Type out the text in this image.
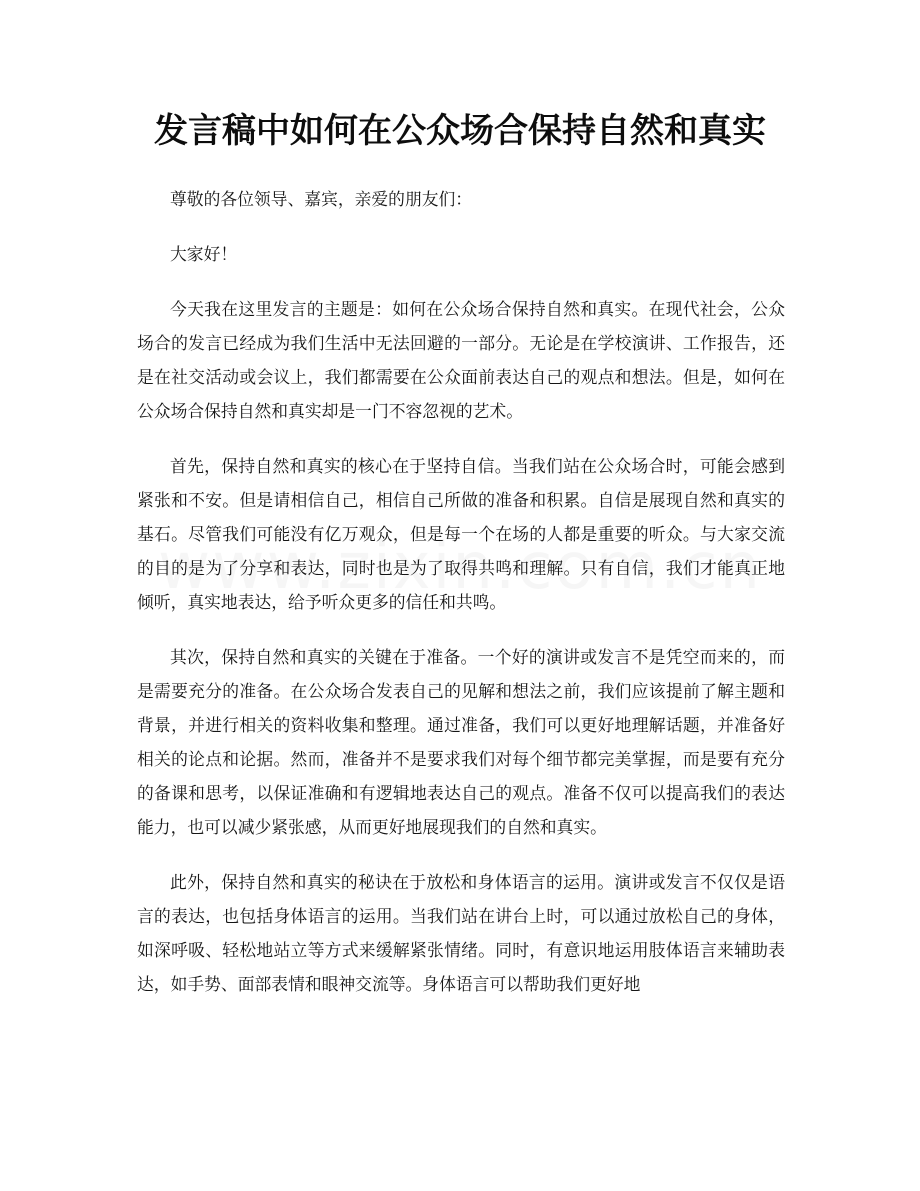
发言稿中如何在公众场合保持自然和真实

尊敬的各位领导、嘉宾，亲爱的朋友们：

大家好！

今天我在这里发言的主题是：如何在公众场合保持自然和真实。在现代社会，公众场合的发言已经成为我们生活中无法回避的一部分。无论是在学校演讲、工作报告，还是在社交活动或会议上，我们都需要在公众面前表达自己的观点和想法。但是，如何在公众场合保持自然和真实却是一门不容忽视的艺术。

首先，保持自然和真实的核心在于坚持自信。当我们站在公众场合时，可能会感到紧张和不安。但是请相信自己，相信自己所做的准备和积累。自信是展现自然和真实的基石。尽管我们可能没有亿万观众，但是每一个在场的人都是重要的听众。与大家交流的目的是为了分享和表达，同时也是为了取得共鸣和理解。只有自信，我们才能真正地倾听，真实地表达，给予听众更多的信任和共鸣。

其次，保持自然和真实的关键在于准备。一个好的演讲或发言不是凭空而来的，而是需要充分的准备。在公众场合发表自己的见解和想法之前，我们应该提前了解主题和背景，并进行相关的资料收集和整理。通过准备，我们可以更好地理解话题，并准备好相关的论点和论据。然而，准备并不是要求我们对每个细节都完美掌握，而是要有充分的备课和思考，以保证准确和有逻辑地表达自己的观点。准备不仅可以提高我们的表达能力，也可以减少紧张感，从而更好地展现我们的自然和真实。

此外，保持自然和真实的秘诀在于放松和身体语言的运用。演讲或发言不仅仅是语言的表达，也包括身体语言的运用。当我们站在讲台上时，可以通过放松自己的身体，如深呼吸、轻松地站立等方式来缓解紧张情绪。同时，有意识地运用肢体语言来辅助表达，如手势、面部表情和眼神交流等。身体语言可以帮助我们更好地
